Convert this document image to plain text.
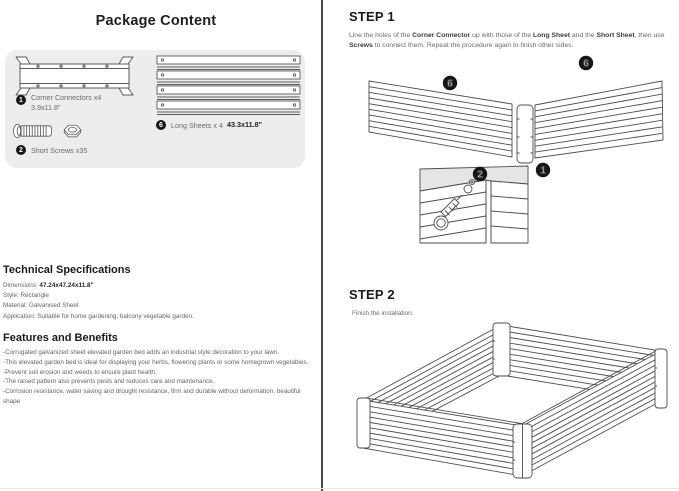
Package Content
1	Corner Connectors x4
3.9x11.8"
2	Short Screws x35
6	Long Sheets x 4 43.3x11.8"
Technical Specifications
Dimensions: 47.24x47.24x11.8"
Style: Rectangle
Material: Galvanised Sheet
Application: Suitable for home gardening, balcony vegetable garden.
Features and Benefits
-Corrugated galvanized sheet elevated garden bed adds an industrial style decoration to your lawn.
-This elevated garden bed is ideal for displaying your herbs, flowering plants or some homegrown vegetables.
-Prevent soil erosion and weeds to ensure plant health.
-The raised pattern also prevents pests and reduces care and maintenance.
-Corrosion resistance, water saving and drought resistance, firm and durable without deformation, beautiful shape
STEP 1

Line the holes of the Corner Connector up with those of the Long Sheet and the Short Sheet, then use Screws to connect them. Repeat the procedure again to finish other sides.

6
6
1
2
STEP 2
Finish the installation.
